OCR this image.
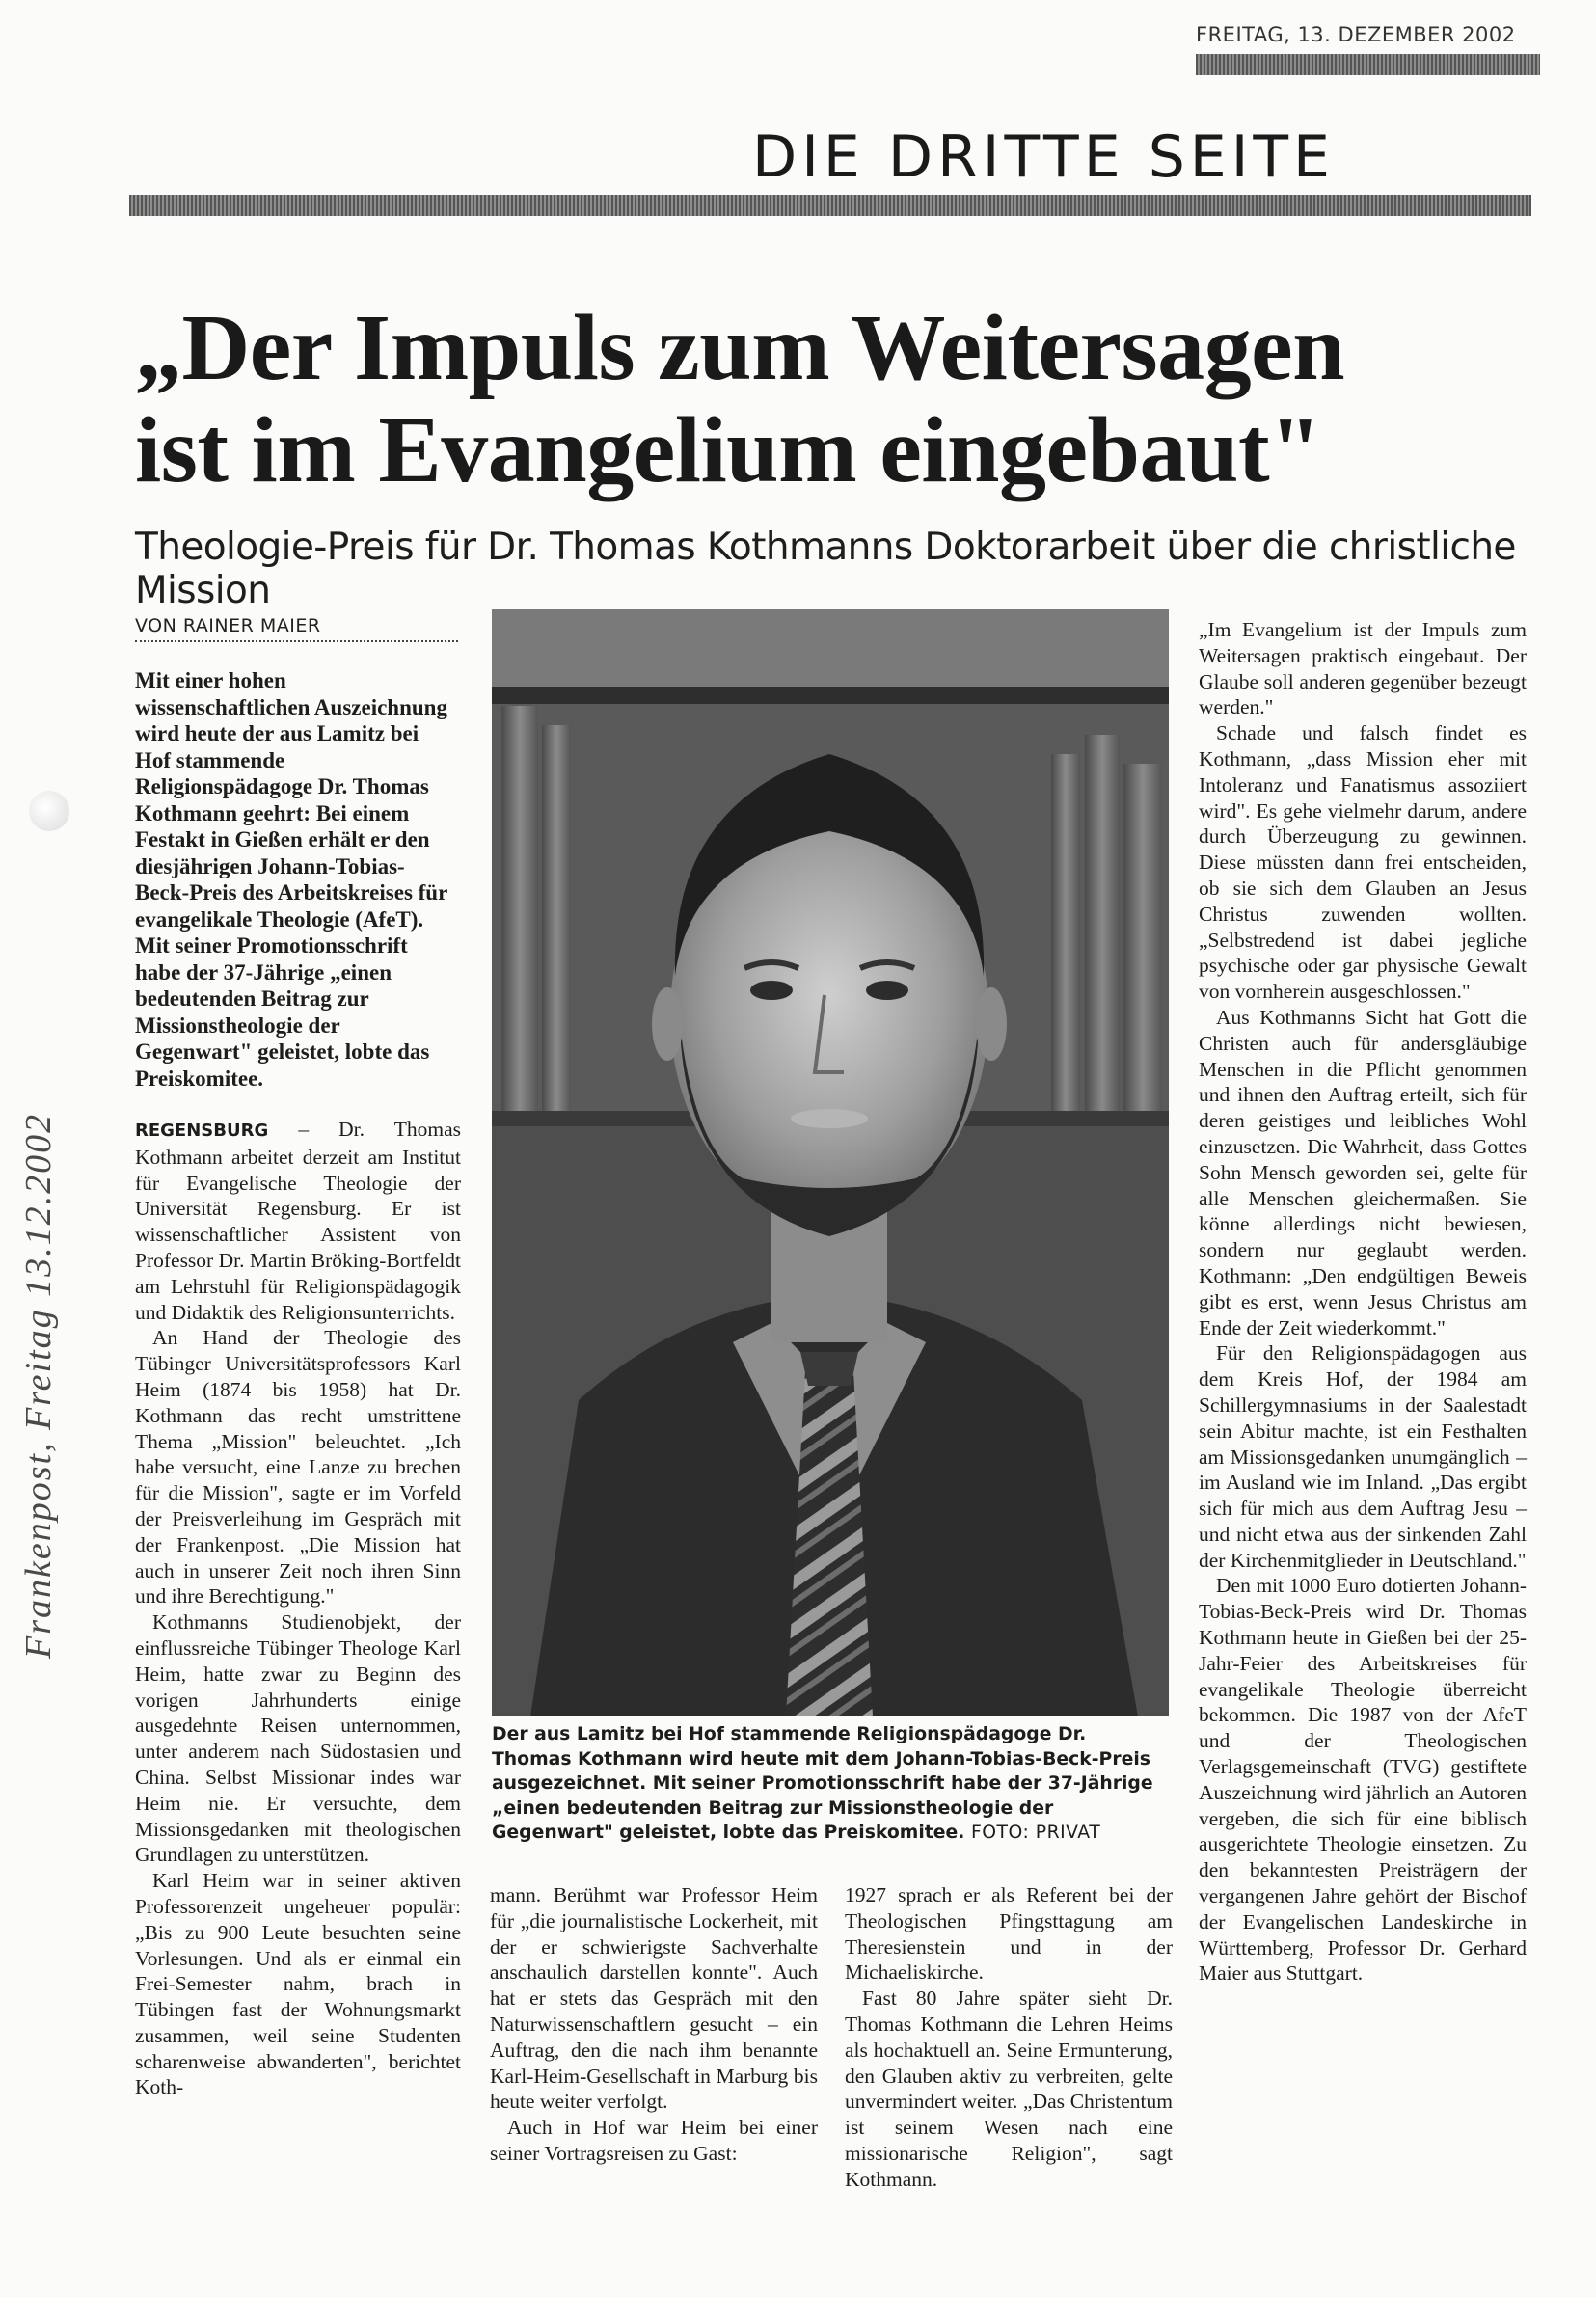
FREITAG, 13. DEZEMBER 2002
DIE DRITTE SEITE
„Der Impuls zum Weitersagen
ist im Evangelium eingebaut"
Theologie-Preis für Dr. Thomas Kothmanns Doktorarbeit über die christliche Mission
VON RAINER MAIER
Mit einer hohen wissenschaftlichen Auszeichnung wird heute der aus Lamitz bei Hof stammende Religionspädagoge Dr. Thomas Kothmann geehrt: Bei einem Festakt in Gießen erhält er den diesjährigen Johann-Tobias-Beck-Preis des Arbeitskreises für evangelikale Theologie (AfeT). Mit seiner Promotionsschrift habe der 37-Jährige „einen bedeutenden Beitrag zur Missionstheologie der Gegenwart" geleistet, lobte das Preiskomitee.

REGENSBURG – Dr. Thomas Kothmann arbeitet derzeit am Institut für Evangelische Theologie der Universität Regensburg. Er ist wissenschaftlicher Assistent von Professor Dr. Martin Bröking-Bortfeldt am Lehrstuhl für Religionspädagogik und Didaktik des Religionsunterrichts.

An Hand der Theologie des Tübinger Universitätsprofessors Karl Heim (1874 bis 1958) hat Dr. Kothmann das recht umstrittene Thema „Mission" beleuchtet. „Ich habe versucht, eine Lanze zu brechen für die Mission", sagte er im Vorfeld der Preisverleihung im Gespräch mit der Frankenpost. „Die Mission hat auch in unserer Zeit noch ihren Sinn und ihre Berechtigung."

Kothmanns Studienobjekt, der einflussreiche Tübinger Theologe Karl Heim, hatte zwar zu Beginn des vorigen Jahrhunderts einige ausgedehnte Reisen unternommen, unter anderem nach Südostasien und China. Selbst Missionar indes war Heim nie. Er versuchte, dem Missionsgedanken mit theologischen Grundlagen zu unterstützen.

Karl Heim war in seiner aktiven Professorenzeit ungeheuer populär: „Bis zu 900 Leute besuchten seine Vorlesungen. Und als er einmal ein Frei-Semester nahm, brach in Tübingen fast der Wohnungsmarkt zusammen, weil seine Studenten scharenweise abwanderten", berichtet Koth-

Der aus Lamitz bei Hof stammende Religionspädagoge Dr. Thomas Kothmann wird heute mit dem Johann-Tobias-Beck-Preis ausgezeichnet. Mit seiner Promotionsschrift habe der 37-Jährige „einen bedeutenden Beitrag zur Missionstheologie der Gegenwart" geleistet, lobte das Preiskomitee. FOTO: PRIVAT

mann. Berühmt war Professor Heim für „die journalistische Lockerheit, mit der er schwierigste Sachverhalte anschaulich darstellen konnte". Auch hat er stets das Gespräch mit den Naturwissenschaftlern gesucht – ein Auftrag, den die nach ihm benannte Karl-Heim-Gesellschaft in Marburg bis heute weiter verfolgt.

Auch in Hof war Heim bei einer seiner Vortragsreisen zu Gast:

1927 sprach er als Referent bei der Theologischen Pfingsttagung am Theresienstein und in der Michaeliskirche.

Fast 80 Jahre später sieht Dr. Thomas Kothmann die Lehren Heims als hochaktuell an. Seine Ermunterung, den Glauben aktiv zu verbreiten, gelte unvermindert weiter. „Das Christentum ist seinem Wesen nach eine missionarische Religion", sagt Kothmann.

„Im Evangelium ist der Impuls zum Weitersagen praktisch eingebaut. Der Glaube soll anderen gegenüber bezeugt werden."

Schade und falsch findet es Kothmann, „dass Mission eher mit Intoleranz und Fanatismus assoziiert wird". Es gehe vielmehr darum, andere durch Überzeugung zu gewinnen. Diese müssten dann frei entscheiden, ob sie sich dem Glauben an Jesus Christus zuwenden wollten. „Selbstredend ist dabei jegliche psychische oder gar physische Gewalt von vornherein ausgeschlossen."

Aus Kothmanns Sicht hat Gott die Christen auch für andersgläubige Menschen in die Pflicht genommen und ihnen den Auftrag erteilt, sich für deren geistiges und leibliches Wohl einzusetzen. Die Wahrheit, dass Gottes Sohn Mensch geworden sei, gelte für alle Menschen gleichermaßen. Sie könne allerdings nicht bewiesen, sondern nur geglaubt werden. Kothmann: „Den endgültigen Beweis gibt es erst, wenn Jesus Christus am Ende der Zeit wiederkommt."

Für den Religionspädagogen aus dem Kreis Hof, der 1984 am Schillergymnasiums in der Saalestadt sein Abitur machte, ist ein Festhalten am Missionsgedanken unumgänglich – im Ausland wie im Inland. „Das ergibt sich für mich aus dem Auftrag Jesu – und nicht etwa aus der sinkenden Zahl der Kirchenmitglieder in Deutschland."

Den mit 1000 Euro dotierten Johann-Tobias-Beck-Preis wird Dr. Thomas Kothmann heute in Gießen bei der 25-Jahr-Feier des Arbeitskreises für evangelikale Theologie überreicht bekommen. Die 1987 von der AfeT und der Theologischen Verlagsgemeinschaft (TVG) gestiftete Auszeichnung wird jährlich an Autoren vergeben, die sich für eine biblisch ausgerichtete Theologie einsetzen. Zu den bekanntesten Preisträgern der vergangenen Jahre gehört der Bischof der Evangelischen Landeskirche in Württemberg, Professor Dr. Gerhard Maier aus Stuttgart.

Frankenpost, Freitag 13.12.2002
